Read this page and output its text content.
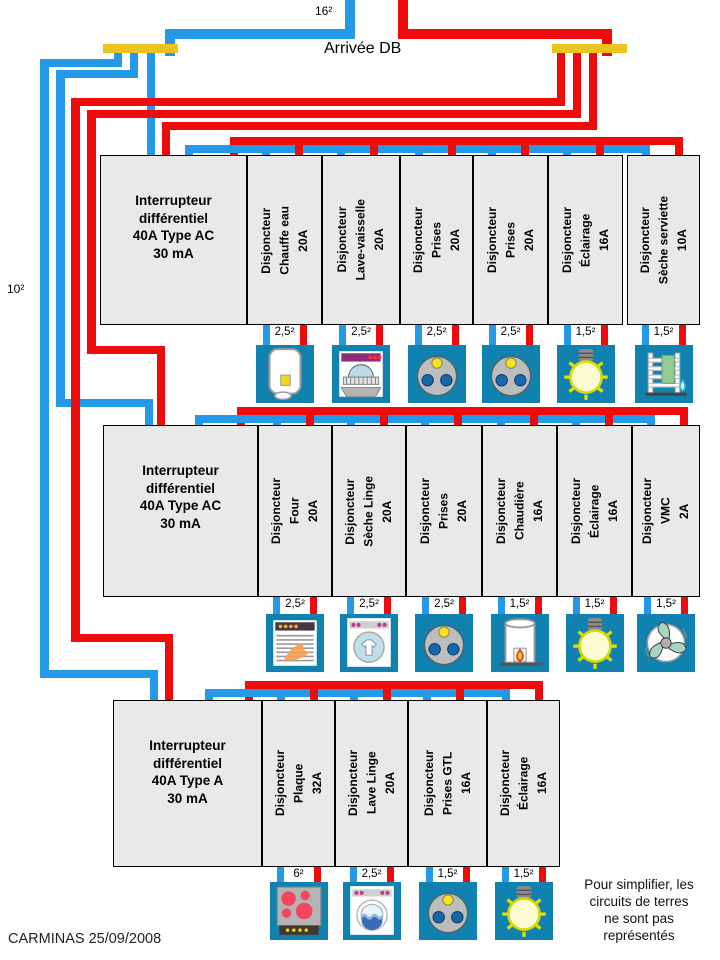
Arrivée DB
16²
10²
Interrupteur
différentiel
40A Type AC
30 mA	Disjoncteur Chauffe eau 20A
2,5²
Disjoncteur Lave-vaisselle 20A
2,5²
Disjoncteur Prises 20A
2,5²
Disjoncteur Prises 20A
2,5²
Disjoncteur Éclairage 16A
1,5²
Disjoncteur Sèche serviette 10A
1,5²
Interrupteur
différentiel
40A Type AC
30 mA	Disjoncteur Four 20A
2,5²
Disjoncteur Sèche Linge 20A
2,5²
Disjoncteur Prises 20A
2,5²
Disjoncteur Chaudière 16A
1,5²
Disjoncteur Éclairage 16A
1,5²
Disjoncteur VMC 2A
1,5²
Interrupteur
différentiel
40A Type A
30 mA	Disjoncteur Plaque 32A
6²
Disjoncteur Lave Linge 20A
2,5²
Disjoncteur Prises GTL 16A
1,5²
Disjoncteur Éclairage 16A
1,5²
CARMINAS 25/09/2008
Pour simplifier, les
circuits de terres
ne sont pas
représentés
